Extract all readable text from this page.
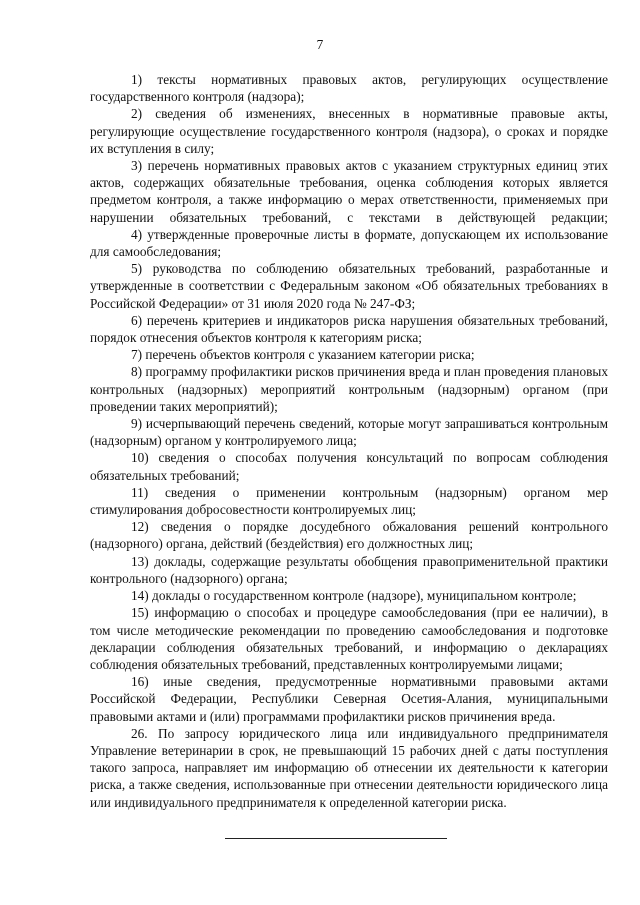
7

1) тексты нормативных правовых актов, регулирующих осуществление государственного контроля (надзора);

2) сведения об изменениях, внесенных в нормативные правовые акты, регулирующие осуществление государственного контроля (надзора), о сроках и порядке их вступления в силу;

3) перечень нормативных правовых актов с указанием структурных единиц этих актов, содержащих обязательные требования, оценка соблюдения которых является предметом контроля, а также информацию о мерах ответственности, применяемых при нарушении обязательных требований, с текстами в действующей редакции;

4) утвержденные проверочные листы в формате, допускающем их использование для самообследования;

5) руководства по соблюдению обязательных требований, разработанные и утвержденные в соответствии с Федеральным законом «Об обязательных требованиях в Российской Федерации» от 31 июля 2020 года № 247-ФЗ;

6) перечень критериев и индикаторов риска нарушения обязательных требований, порядок отнесения объектов контроля к категориям риска;

7) перечень объектов контроля с указанием категории риска;

8) программу профилактики рисков причинения вреда и план проведения плановых контрольных (надзорных) мероприятий контрольным (надзорным) органом (при проведении таких мероприятий);

9) исчерпывающий перечень сведений, которые могут запрашиваться контрольным (надзорным) органом у контролируемого лица;

10) сведения о способах получения консультаций по вопросам соблюдения обязательных требований;

11) сведения о применении контрольным (надзорным) органом мер стимулирования добросовестности контролируемых лиц;

12) сведения о порядке досудебного обжалования решений контрольного (надзорного) органа, действий (бездействия) его должностных лиц;

13) доклады, содержащие результаты обобщения правоприменительной практики контрольного (надзорного) органа;

14) доклады о государственном контроле (надзоре), муниципальном контроле;

15) информацию о способах и процедуре самообследования (при ее наличии), в том числе методические рекомендации по проведению самообследования и подготовке декларации соблюдения обязательных требований, и информацию о декларациях соблюдения обязательных требований, представленных контролируемыми лицами;

16) иные сведения, предусмотренные нормативными правовыми актами Российской Федерации, Республики Северная Осетия-Алания, муниципальными правовыми актами и (или) программами профилактики рисков причинения вреда.

26. По запросу юридического лица или индивидуального предпринимателя Управление ветеринарии в срок, не превышающий 15 рабочих дней с даты поступления такого запроса, направляет им информацию об отнесении их деятельности к категории риска, а также сведения, использованные при отнесении деятельности юридического лица или индивидуального предпринимателя к определенной категории риска.
